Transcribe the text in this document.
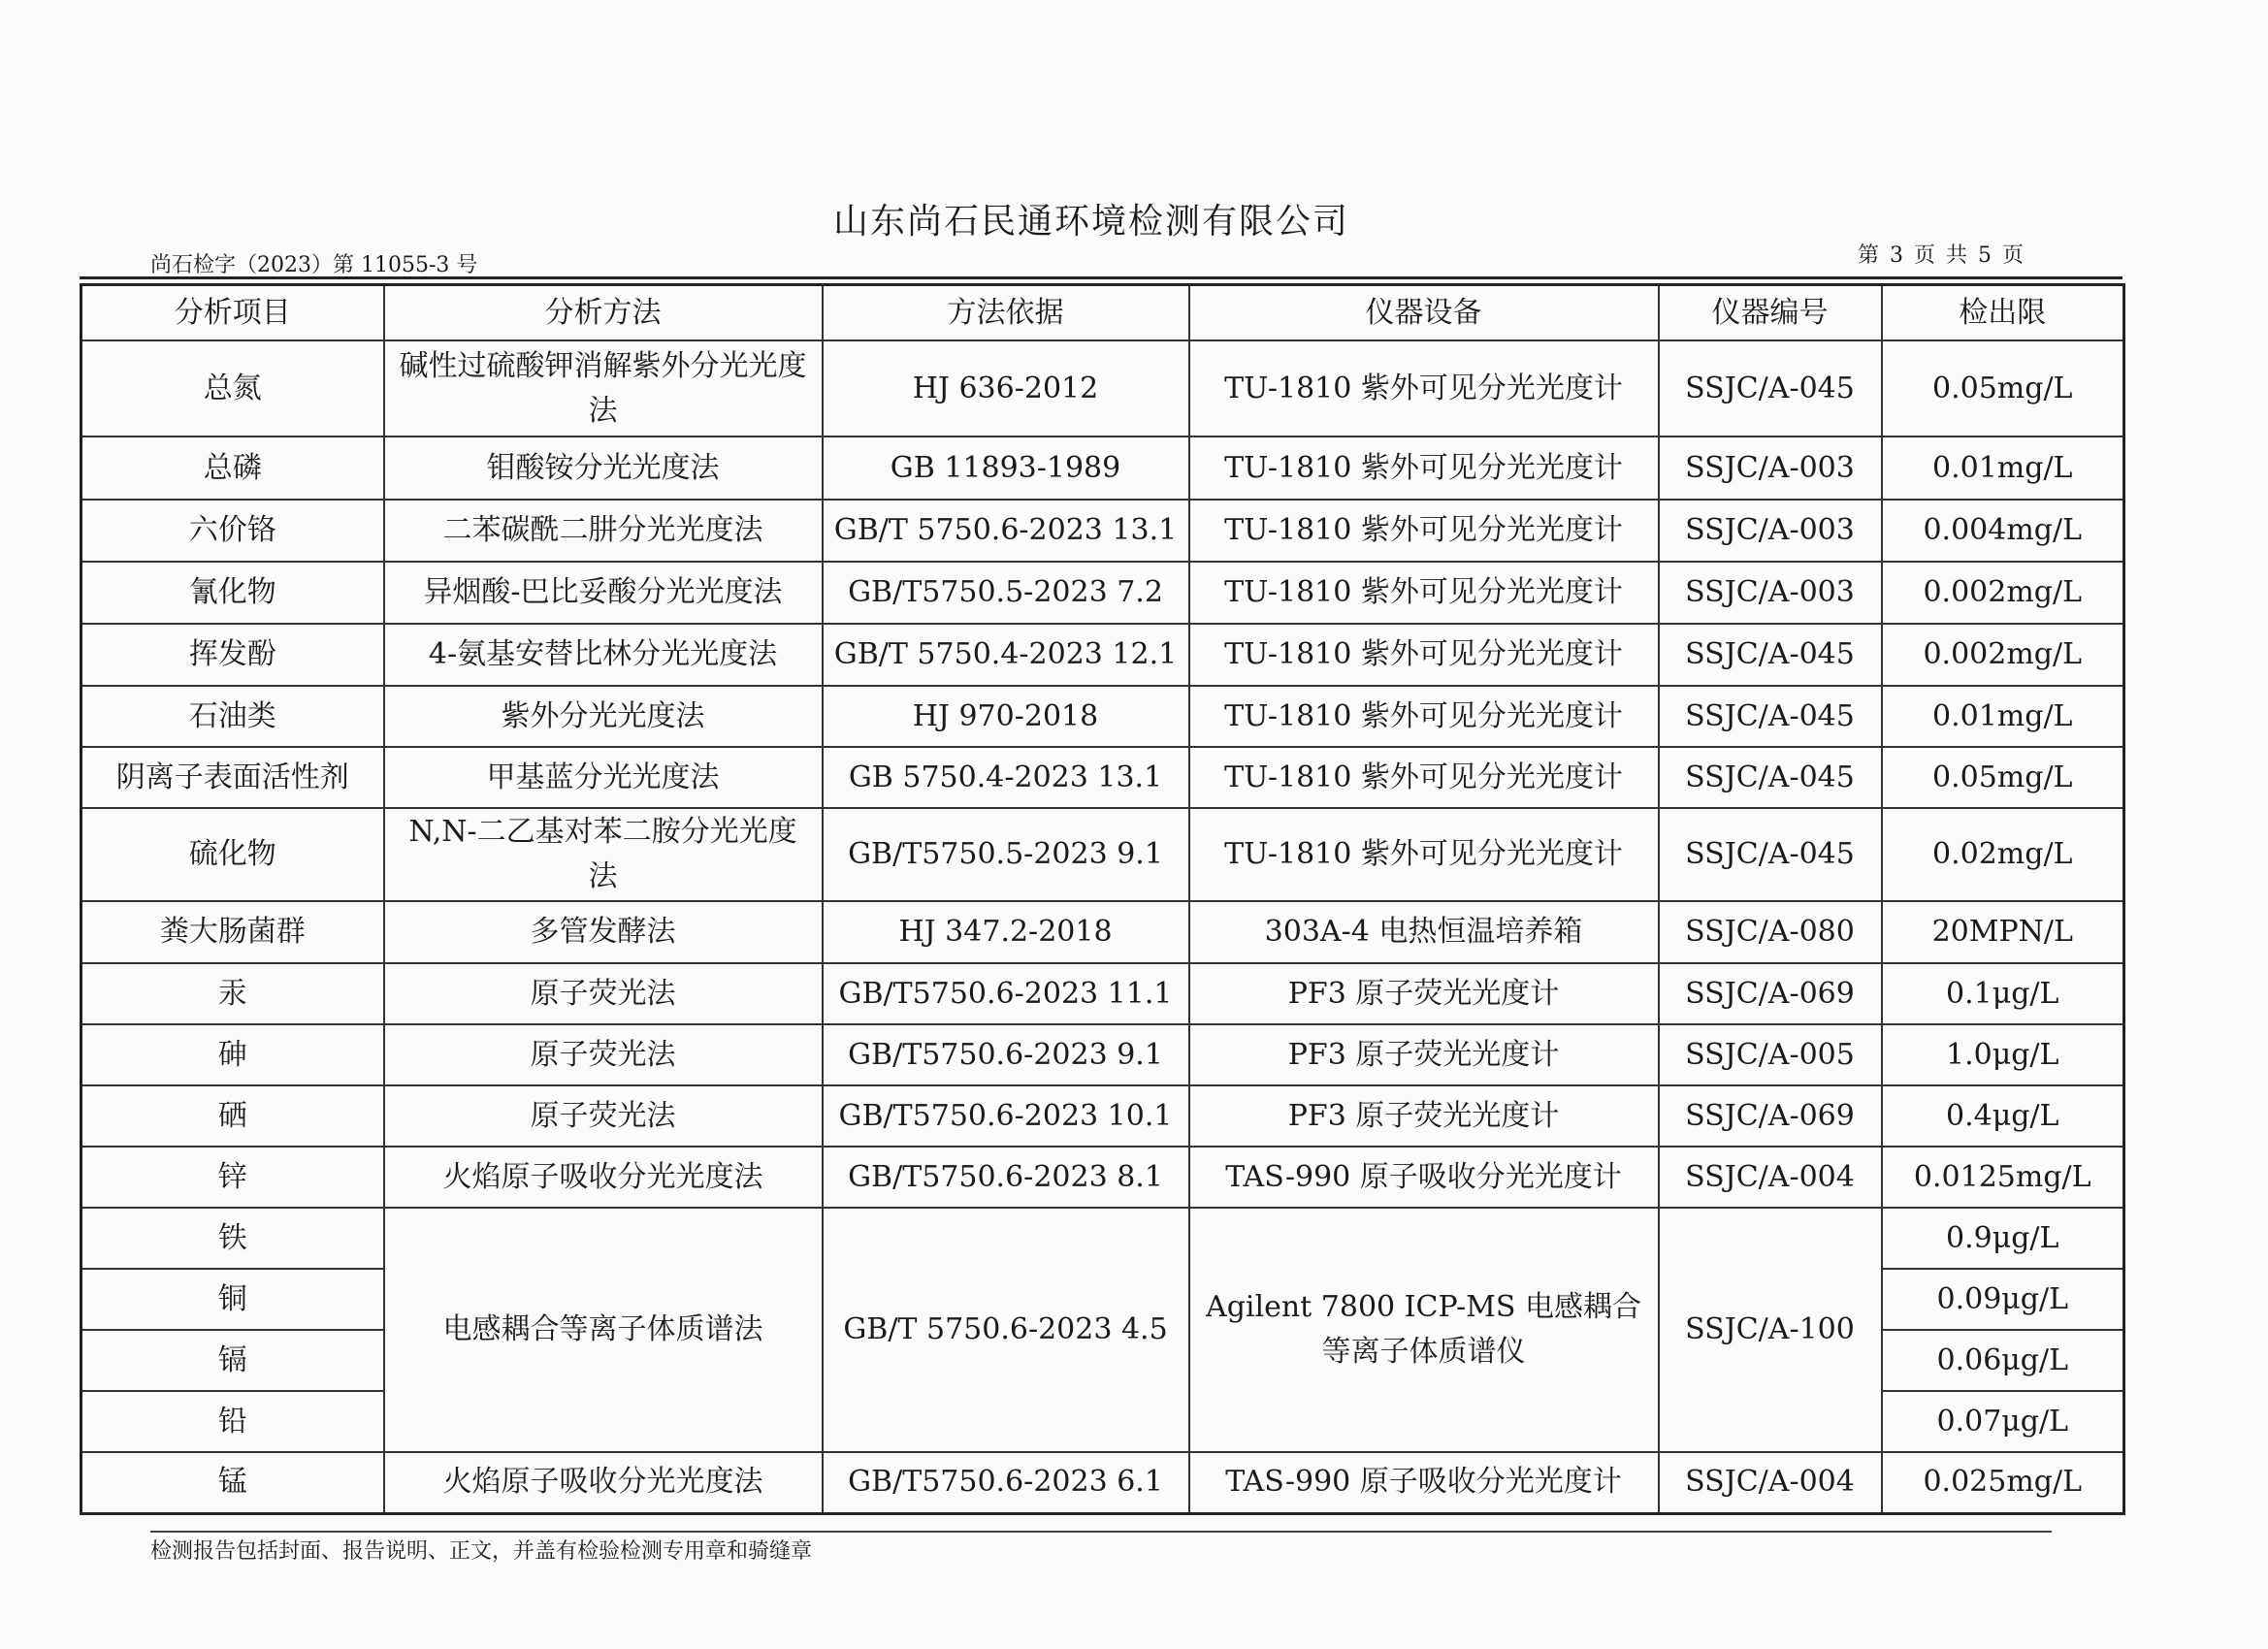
山东尚石民通环境检测有限公司
尚石检字（2023）第 11055-3 号	第 3 页 共 5 页
分析项目	分析方法	方法依据	仪器设备	仪器编号	检出限
总氮	碱性过硫酸钾消解紫外分光光度法	HJ 636-2012	TU-1810 紫外可见分光光度计	SSJC/A-045	0.05mg/L
总磷	钼酸铵分光光度法	GB 11893-1989	TU-1810 紫外可见分光光度计	SSJC/A-003	0.01mg/L
六价铬	二苯碳酰二肼分光光度法	GB/T 5750.6-2023 13.1	TU-1810 紫外可见分光光度计	SSJC/A-003	0.004mg/L
氰化物	异烟酸-巴比妥酸分光光度法	GB/T5750.5-2023 7.2	TU-1810 紫外可见分光光度计	SSJC/A-003	0.002mg/L
挥发酚	4-氨基安替比林分光光度法	GB/T 5750.4-2023 12.1	TU-1810 紫外可见分光光度计	SSJC/A-045	0.002mg/L
石油类	紫外分光光度法	HJ 970-2018	TU-1810 紫外可见分光光度计	SSJC/A-045	0.01mg/L
阴离子表面活性剂	甲基蓝分光光度法	GB 5750.4-2023 13.1	TU-1810 紫外可见分光光度计	SSJC/A-045	0.05mg/L
硫化物	N,N-二乙基对苯二胺分光光度法	GB/T5750.5-2023 9.1	TU-1810 紫外可见分光光度计	SSJC/A-045	0.02mg/L
粪大肠菌群	多管发酵法	HJ 347.2-2018	303A-4 电热恒温培养箱	SSJC/A-080	20MPN/L
汞	原子荧光法	GB/T5750.6-2023 11.1	PF3 原子荧光光度计	SSJC/A-069	0.1μg/L
砷	原子荧光法	GB/T5750.6-2023 9.1	PF3 原子荧光光度计	SSJC/A-005	1.0μg/L
硒	原子荧光法	GB/T5750.6-2023 10.1	PF3 原子荧光光度计	SSJC/A-069	0.4μg/L
锌	火焰原子吸收分光光度法	GB/T5750.6-2023 8.1	TAS-990 原子吸收分光光度计	SSJC/A-004	0.0125mg/L
铁	电感耦合等离子体质谱法	GB/T 5750.6-2023 4.5	Agilent 7800 ICP-MS 电感耦合等离子体质谱仪	SSJC/A-100	0.9μg/L
铜					0.09μg/L
镉					0.06μg/L
铅					0.07μg/L
锰	火焰原子吸收分光光度法	GB/T5750.6-2023 6.1	TAS-990 原子吸收分光光度计	SSJC/A-004	0.025mg/L
检测报告包括封面、报告说明、正文，并盖有检验检测专用章和骑缝章
